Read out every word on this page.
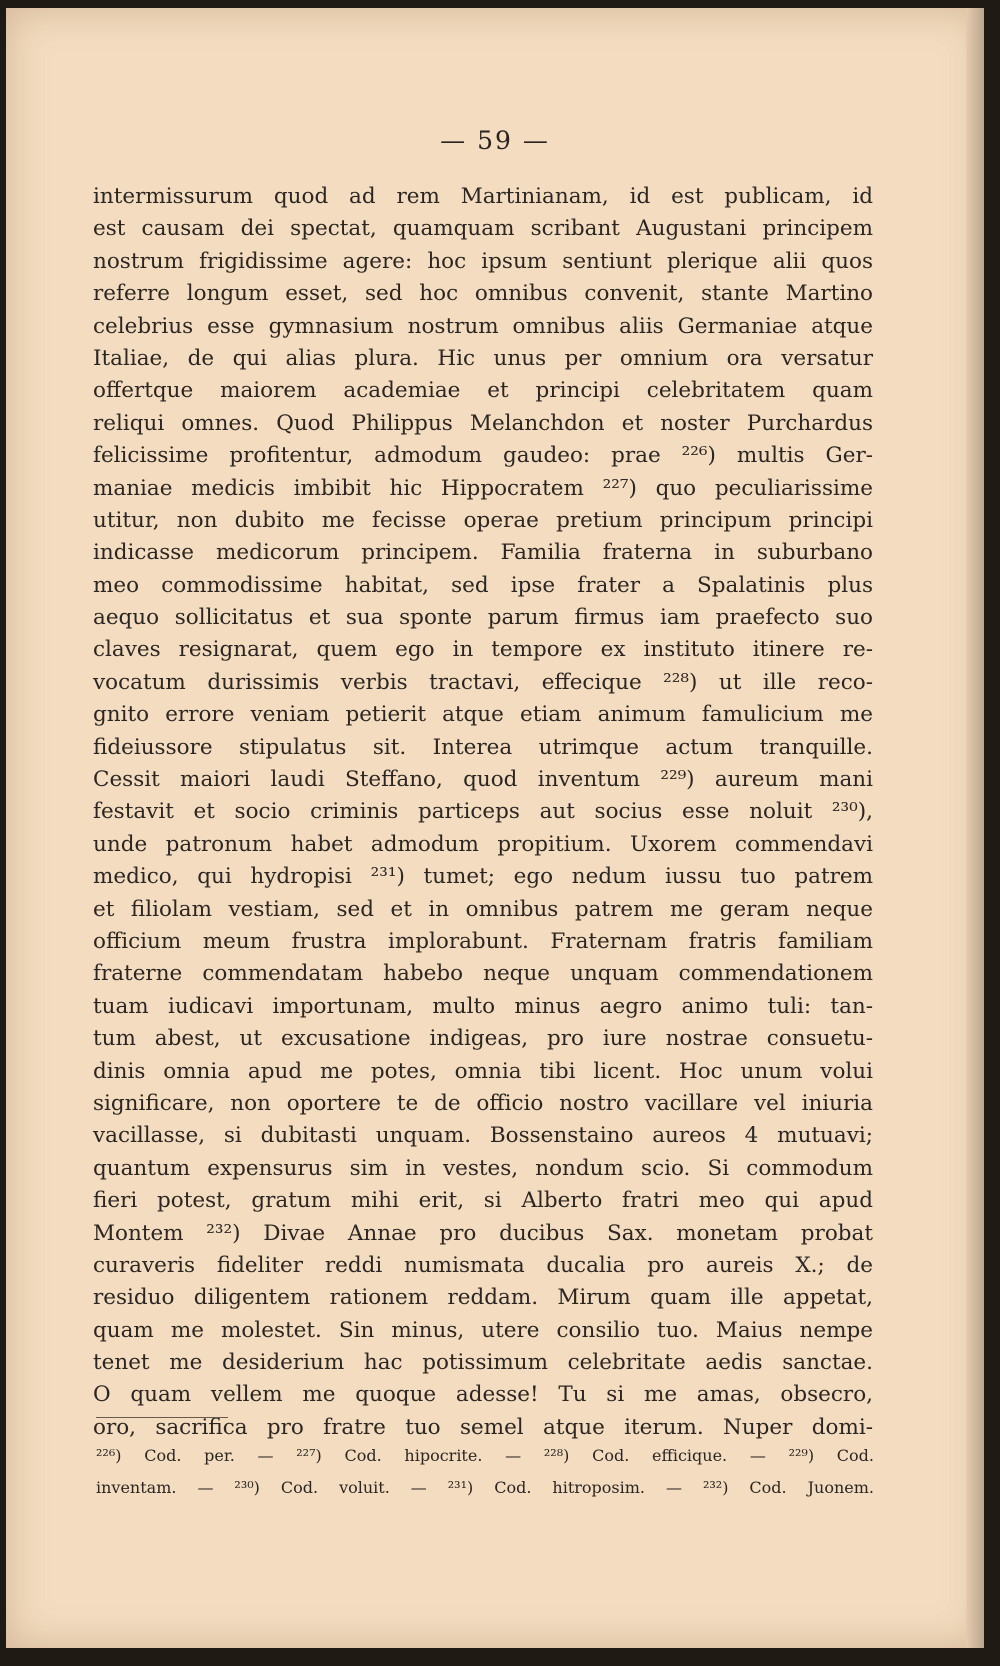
— 59 —
intermissurum quod ad rem Martinianam, id est publicam, id
est causam dei spectat, quamquam scribant Augustani principem
nostrum frigidissime agere: hoc ipsum sentiunt plerique alii quos
referre longum esset, sed hoc omnibus convenit, stante Martino
celebrius esse gymnasium nostrum omnibus aliis Germaniae atque
Italiae, de qui alias plura. Hic unus per omnium ora versatur
offertque maiorem academiae et principi celebritatem quam
reliqui omnes. Quod Philippus Melanchdon et noster Purchardus
felicissime profitentur, admodum gaudeo: prae ²²⁶) multis Ger-
maniae medicis imbibit hic Hippocratem ²²⁷) quo peculiarissime
utitur, non dubito me fecisse operae pretium principum principi
indicasse medicorum principem. Familia fraterna in suburbano
meo commodissime habitat, sed ipse frater a Spalatinis plus
aequo sollicitatus et sua sponte parum firmus iam praefecto suo
claves resignarat, quem ego in tempore ex instituto itinere re-
vocatum durissimis verbis tractavi, effecique ²²⁸) ut ille reco-
gnito errore veniam petierit atque etiam animum famulicium me
fideiussore stipulatus sit. Interea utrimque actum tranquille.
Cessit maiori laudi Steffano, quod inventum ²²⁹) aureum mani
festavit et socio criminis particeps aut socius esse noluit ²³⁰),
unde patronum habet admodum propitium. Uxorem commendavi
medico, qui hydropisi ²³¹) tumet; ego nedum iussu tuo patrem
et filiolam vestiam, sed et in omnibus patrem me geram neque
officium meum frustra implorabunt. Fraternam fratris familiam
fraterne commendatam habebo neque unquam commendationem
tuam iudicavi importunam, multo minus aegro animo tuli: tan-
tum abest, ut excusatione indigeas, pro iure nostrae consuetu-
dinis omnia apud me potes, omnia tibi licent. Hoc unum volui
significare, non oportere te de officio nostro vacillare vel iniuria
vacillasse, si dubitasti unquam. Bossenstaino aureos 4 mutuavi;
quantum expensurus sim in vestes, nondum scio. Si commodum
fieri potest, gratum mihi erit, si Alberto fratri meo qui apud
Montem ²³²) Divae Annae pro ducibus Sax. monetam probat
curaveris fideliter reddi numismata ducalia pro aureis X.; de
residuo diligentem rationem reddam. Mirum quam ille appetat,
quam me molestet. Sin minus, utere consilio tuo. Maius nempe
tenet me desiderium hac potissimum celebritate aedis sanctae.
O quam vellem me quoque adesse! Tu si me amas, obsecro,
oro, sacrifica pro fratre tuo semel atque iterum. Nuper domi-
²²⁶) Cod. per. — ²²⁷) Cod. hipocrite. — ²²⁸) Cod. efficique. — ²²⁹) Cod.
inventam. — ²³⁰) Cod. voluit. — ²³¹) Cod. hitroposim. — ²³²) Cod. Juonem.
